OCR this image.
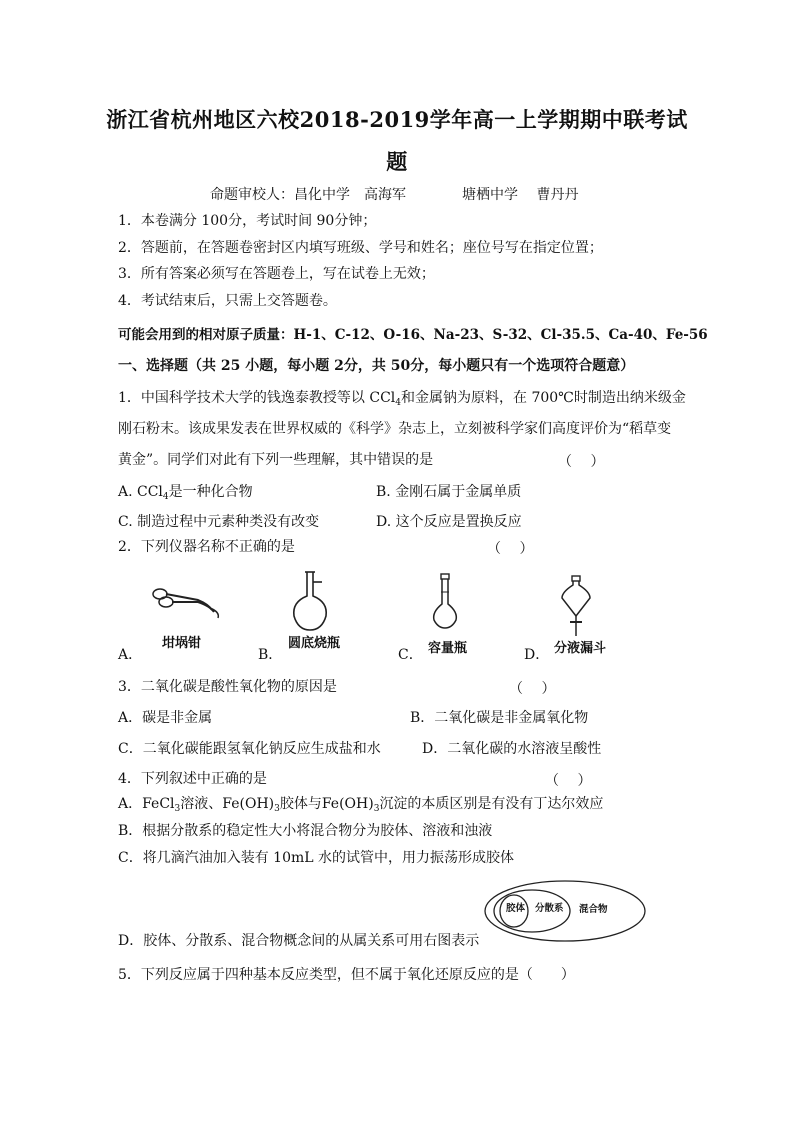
浙江省杭州地区六校2018-2019学年高一上学期期中联考试
题
命题审校人：昌化中学　高海军	塘栖中学　 曹丹丹
1．本卷满分 100分，考试时间 90分钟；
2．答题前，在答题卷密封区内填写班级、学号和姓名；座位号写在指定位置；
3．所有答案必须写在答题卷上，写在试卷上无效；
4．考试结束后，只需上交答题卷。
可能会用到的相对原子质量：H-1、C-12、O-16、Na-23、S-32、Cl-35.5、Ca-40、Fe-56
一、选择题（共 25 小题，每小题 2分，共 50分，每小题只有一个选项符合题意）
1．中国科学技术大学的钱逸泰教授等以 CCl$_4$和金属钠为原料，在 700℃时制造出纳米级金
刚石粉末。该成果发表在世界权威的《科学》杂志上，立刻被科学家们高度评价为“稻草变
黄金”。同学们对此有下列一些理解，其中错误的是	（　 ）
A. CCl$_4$是一种化合物	B. 金刚石属于金属单质
C. 制造过程中元素种类没有改变	D. 这个反应是置换反应
2．下列仪器名称不正确的是	（　 ）
坩埚钳
A．
圆底烧瓶
B．	容量瓶
C．	分液漏斗
D．
3．二氧化碳是酸性氧化物的原因是	（　 ）
A．碳是非金属	B．二氧化碳是非金属氧化物
C．二氧化碳能跟氢氧化钠反应生成盐和水	D．二氧化碳的水溶液呈酸性
4．下列叙述中正确的是	（　 ）
A．FeCl$_3$溶液、$Fe(OH)_3$胶体与$Fe(OH)_3$沉淀的本质区别是有没有丁达尔效应
B．根据分散系的稳定性大小将混合物分为胶体、溶液和浊液
C．将几滴汽油加入装有 10mL 水的试管中，用力振荡形成胶体
胶体 分散系 混合物
D．胶体、分散系、混合物概念间的从属关系可用右图表示
5．下列反应属于四种基本反应类型，但不属于氧化还原反应的是（　　）
